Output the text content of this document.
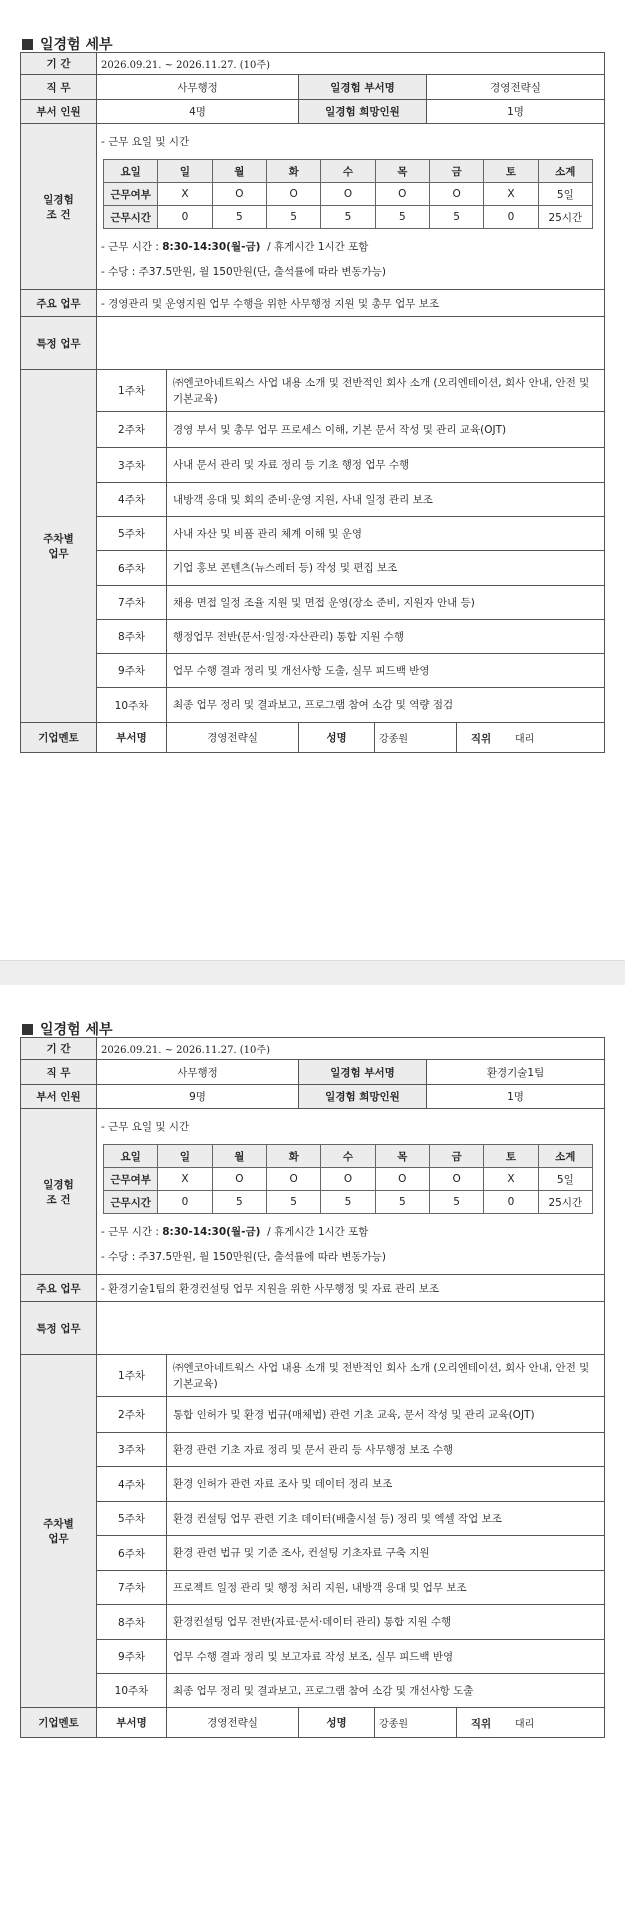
일경험 세부
기 간	2026.09.21. ~ 2026.11.27. (10주)
직 무	사무행정	일경험 부서명	경영전략실
부서 인원	4명	일경험 희망인원	1명

일경험
조 건

- 근무 요일 및 시간
요일	일	월	화	수	목	금	토	소계
근무여부	X	O	O	O	O	O	X	5일
근무시간	0	5	5	5	5	5	0	25시간
- 근무 시간 : 8:30-14:30(월-금)  / 휴게시간 1시간 포함
- 수당 : 주37.5만원, 월 150만원(단, 출석률에 따라 변동가능)

주요 업무	- 경영관리 및 운영지원 업무 수행을 위한 사무행정 지원 및 총무 업무 보조
특정 업무	

주차별
업무
	1주차	㈜엔코아네트웍스 사업 내용 소개 및 전반적인 회사 소개 (오리엔테이션, 회사 안내, 안전 및 기본교육)
2주차	경영 부서 및 총무 업무 프로세스 이해, 기본 문서 작성 및 관리 교육(OJT)
3주차	사내 문서 관리 및 자료 정리 등 기초 행정 업무 수행
4주차	내방객 응대 및 회의 준비·운영 지원, 사내 일정 관리 보조
5주차	사내 자산 및 비품 관리 체계 이해 및 운영
6주차	기업 홍보 콘텐츠(뉴스레터 등) 작성 및 편집 보조
7주차	채용 면접 일정 조율 지원 및 면접 운영(장소 준비, 지원자 안내 등)
8주차	행정업무 전반(문서·일정·자산관리) 통합 지원 수행
9주차	업무 수행 결과 정리 및 개선사항 도출, 실무 피드백 반영
10주차	최종 업무 정리 및 결과보고, 프로그램 참여 소감 및 역량 점검
기업멘토	부서명	경영전략실	성명	강종원	직위 대리
일경험 세부
기 간	2026.09.21. ~ 2026.11.27. (10주)
직 무	사무행정	일경험 부서명	환경기술1팀
부서 인원	9명	일경험 희망인원	1명

일경험
조 건

- 근무 요일 및 시간
요일	일	월	화	수	목	금	토	소계
근무여부	X	O	O	O	O	O	X	5일
근무시간	0	5	5	5	5	5	0	25시간
- 근무 시간 : 8:30-14:30(월-금)  / 휴게시간 1시간 포함
- 수당 : 주37.5만원, 월 150만원(단, 출석률에 따라 변동가능)

주요 업무	- 환경기술1팀의 환경컨설팅 업무 지원을 위한 사무행정 및 자료 관리 보조
특정 업무	

주차별
업무
	1주차	㈜엔코아네트웍스 사업 내용 소개 및 전반적인 회사 소개 (오리엔테이션, 회사 안내, 안전 및 기본교육)
2주차	통합 인허가 및 환경 법규(매체법) 관련 기초 교육, 문서 작성 및 관리 교육(OJT)
3주차	환경 관련 기초 자료 정리 및 문서 관리 등 사무행정 보조 수행
4주차	환경 인허가 관련 자료 조사 및 데이터 정리 보조
5주차	환경 컨설팅 업무 관련 기초 데이터(배출시설 등) 정리 및 엑셀 작업 보조
6주차	환경 관련 법규 및 기준 조사, 컨설팅 기초자료 구축 지원
7주차	프로젝트 일정 관리 및 행정 처리 지원, 내방객 응대 및 업무 보조
8주차	환경컨설팅 업무 전반(자료·문서·데이터 관리) 통합 지원 수행
9주차	업무 수행 결과 정리 및 보고자료 작성 보조, 실무 피드백 반영
10주차	최종 업무 정리 및 결과보고, 프로그램 참여 소감 및 개선사항 도출
기업멘토	부서명	경영전략실	성명	강종원	직위 대리
